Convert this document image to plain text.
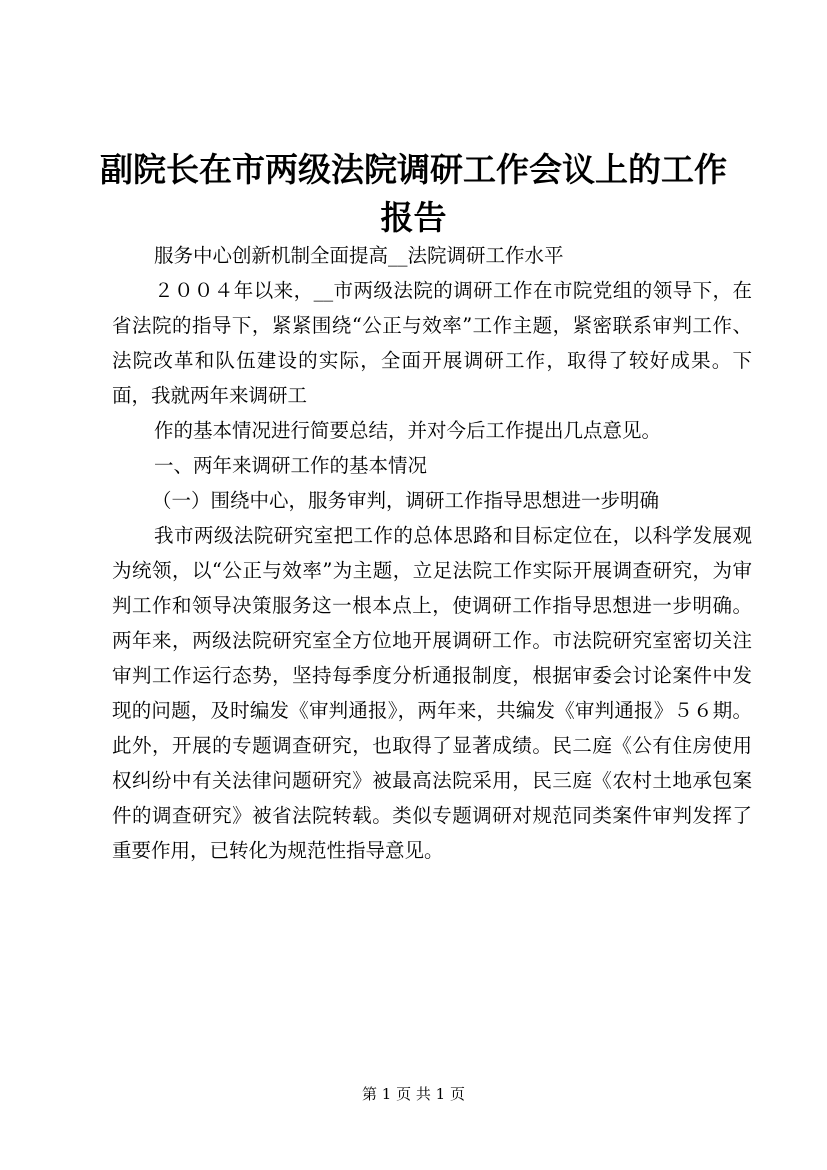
副院长在市两级法院调研工作会议上的工作报告

服务中心创新机制全面提高__法院调研工作水平

２００４年以来，__市两级法院的调研工作在市院党组的领导下，在省法院的指导下，紧紧围绕“公正与效率”工作主题，紧密联系审判工作、法院改革和队伍建设的实际，全面开展调研工作，取得了较好成果。下面，我就两年来调研工

作的基本情况进行简要总结，并对今后工作提出几点意见。

一、两年来调研工作的基本情况

（一）围绕中心，服务审判，调研工作指导思想进一步明确

我市两级法院研究室把工作的总体思路和目标定位在，以科学发展观为统领，以“公正与效率”为主题，立足法院工作实际开展调查研究，为审判工作和领导决策服务这一根本点上，使调研工作指导思想进一步明确。两年来，两级法院研究室全方位地开展调研工作。市法院研究室密切关注审判工作运行态势，坚持每季度分析通报制度，根据审委会讨论案件中发现的问题，及时编发《审判通报》，两年来，共编发《审判通报》５６期。此外，开展的专题调查研究，也取得了显著成绩。民二庭《公有住房使用权纠纷中有关法律问题研究》被最高法院采用，民三庭《农村土地承包案件的调查研究》被省法院转载。类似专题调研对规范同类案件审判发挥了重要作用，已转化为规范性指导意见。

第 1 页 共 1 页
